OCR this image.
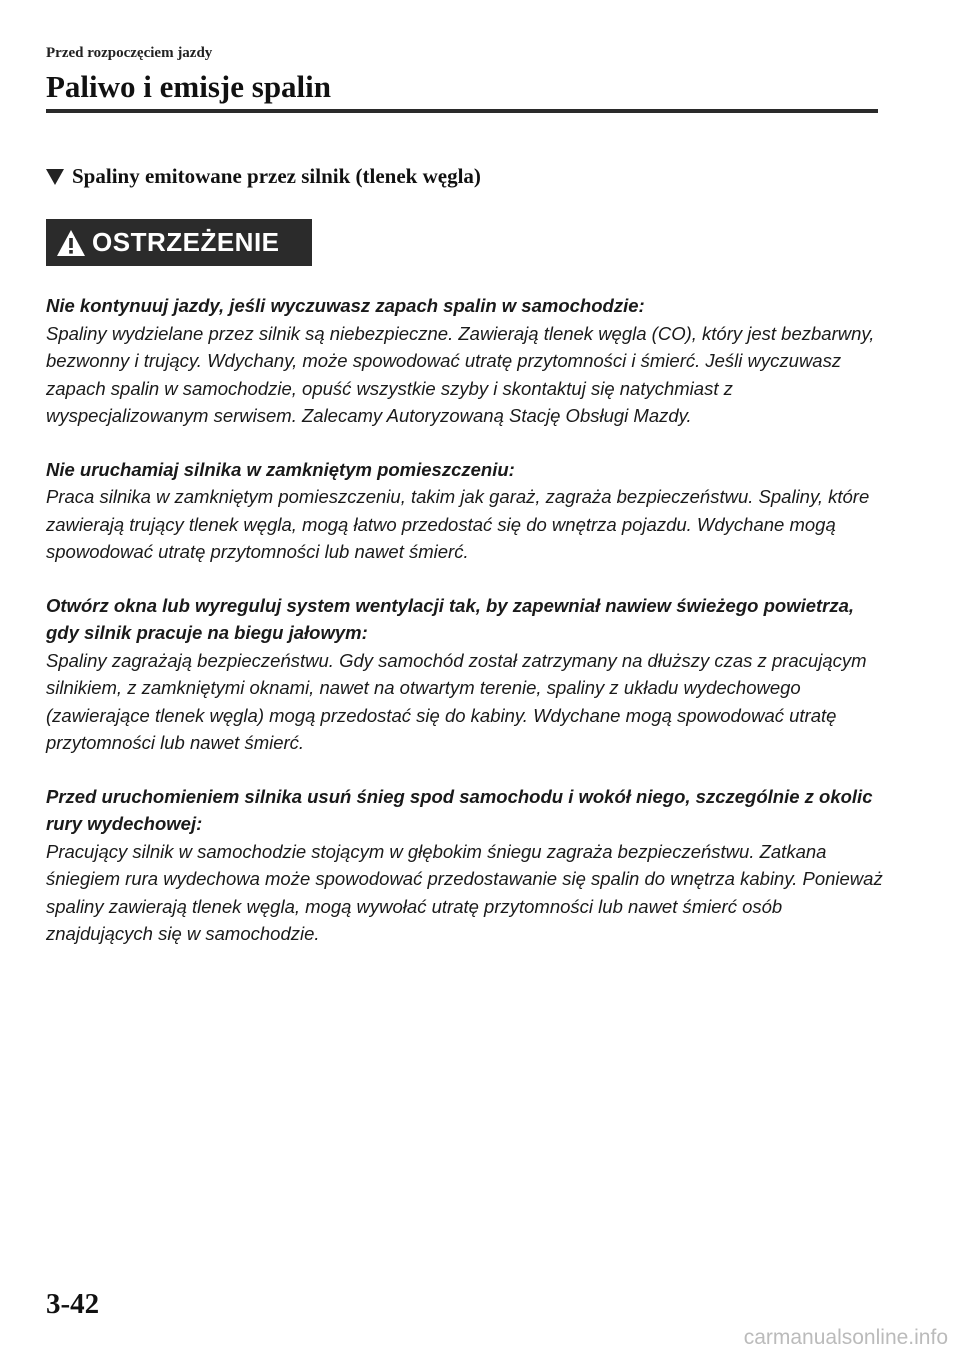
Przed rozpoczęciem jazdy

Paliwo i emisje spalin
Spaliny emitowane przez silnik (tlenek węgla)
OSTRZEŻENIE
Nie kontynuuj jazdy, jeśli wyczuwasz zapach spalin w samochodzie:
Spaliny wydzielane przez silnik są niebezpieczne. Zawierają tlenek węgla (CO), który jest bezbarwny, bezwonny i trujący. Wdychany, może spowodować utratę przytomności i śmierć. Jeśli wyczuwasz zapach spalin w samochodzie, opuść wszystkie szyby i skontaktuj się natychmiast z wyspecjalizowanym serwisem. Zalecamy Autoryzowaną Stację Obsługi Mazdy.
Nie uruchamiaj silnika w zamkniętym pomieszczeniu:
Praca silnika w zamkniętym pomieszczeniu, takim jak garaż, zagraża bezpieczeństwu. Spaliny, które zawierają trujący tlenek węgla, mogą łatwo przedostać się do wnętrza pojazdu. Wdychane mogą spowodować utratę przytomności lub nawet śmierć.
Otwórz okna lub wyreguluj system wentylacji tak, by zapewniał nawiew świeżego powietrza, gdy silnik pracuje na biegu jałowym:
Spaliny zagrażają bezpieczeństwu. Gdy samochód został zatrzymany na dłuższy czas z pracującym silnikiem, z zamkniętymi oknami, nawet na otwartym terenie, spaliny z układu wydechowego (zawierające tlenek węgla) mogą przedostać się do kabiny. Wdychane mogą spowodować utratę przytomności lub nawet śmierć.
Przed uruchomieniem silnika usuń śnieg spod samochodu i wokół niego, szczególnie z okolic rury wydechowej:
Pracujący silnik w samochodzie stojącym w głębokim śniegu zagraża bezpieczeństwu. Zatkana śniegiem rura wydechowa może spowodować przedostawanie się spalin do wnętrza kabiny. Ponieważ spaliny zawierają tlenek węgla, mogą wywołać utratę przytomności lub nawet śmierć osób znajdujących się w samochodzie.
3-42
carmanualsonline.info
